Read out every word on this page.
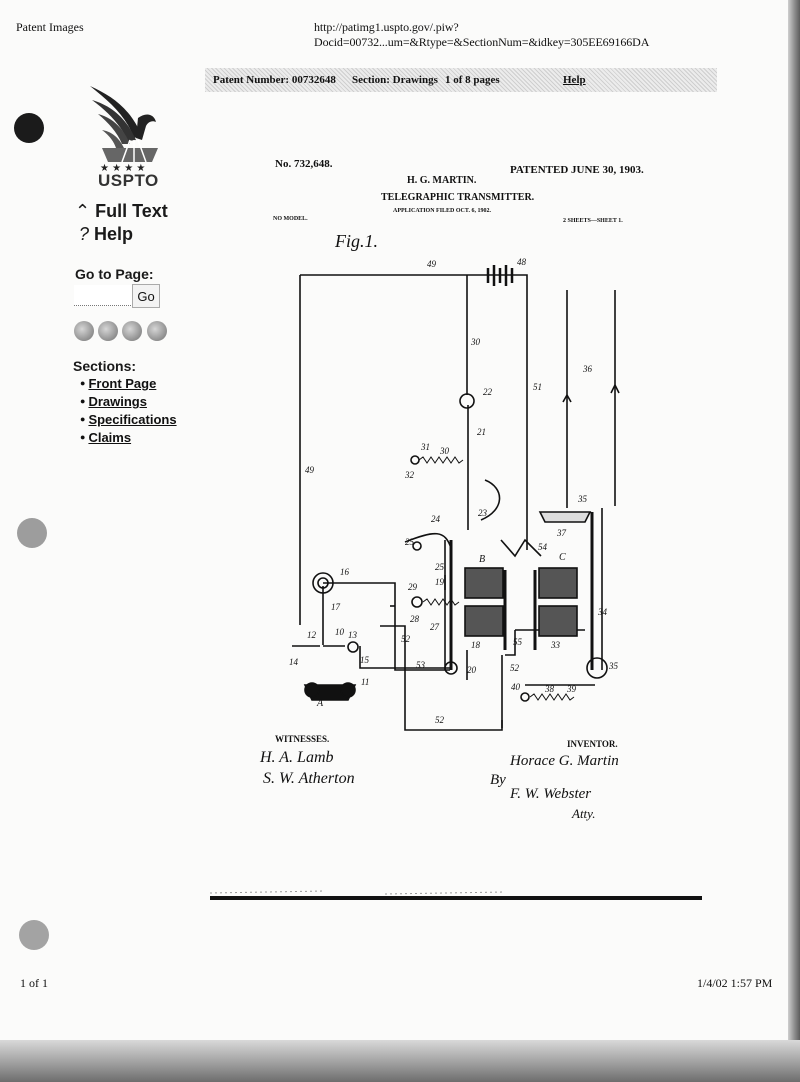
Patent Images	http://patimg1.uspto.gov/.piw?Docid=00732...um=&Rtype=&SectionNum=&idkey=305EE69166DA
★ ★ ★ ★
USPTO
⌃ Full Text
? Help
Go to Page:
Go
Sections:
● Front Page
● Drawings
● Specifications
● Claims
Patent Number: 00732648 Section: Drawings 1 of 8 pages	Help
No. 732,648.	PATENTED JUNE 30, 1903.
H. G. MARTIN.
TELEGRAPHIC TRANSMITTER.
APPLICATION FILED OCT. 6, 1902.
NO MODEL.	2 SHEETS—SHEET 1.
Fig.1.
49	48
30
22	51
36
21
31 30
32
49
35
37
23
24
25
25
B	C
54
16
29 19
17
28
27
34
18	55	33
12 10 13
14	15	53	20
52
52
52
35
11
A
40	38 39
WITNESSES.
H. A. Lamb
S. W. Atherton
INVENTOR.
Horace G. Martin
By
F. W. Webster
Atty.
1 of 1	1/4/02 1:57 PM
